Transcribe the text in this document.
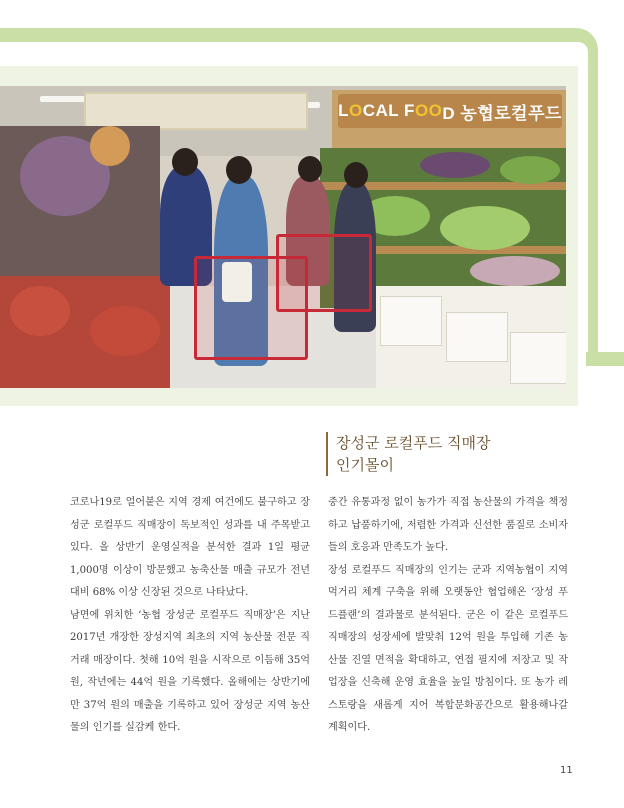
L O CAL F OO D 농협로컬푸드
장성군 로컬푸드 직매장
인기몰이

코로나19로 얼어붙은 지역 경제 여건에도 불구하고 장성군 로컬푸드 직매장이 독보적인 성과를 내 주목받고 있다. 올 상반기 운영실적을 분석한 결과 1일 평균 1,000명 이상이 방문했고 농축산물 매출 규모가 전년대비 68% 이상 신장된 것으로 나타났다.

남면에 위치한 ‘농협 장성군 로컬푸드 직매장’은 지난 2017년 개장한 장성지역 최초의 지역 농산물 전문 직거래 매장이다. 첫해 10억 원을 시작으로 이듬해 35억 원, 작년에는 44억 원을 기록했다. 올해에는 상반기에만 37억 원의 매출을 기록하고 있어 장성군 지역 농산물의 인기를 실감케 한다.

중간 유통과정 없이 농가가 직접 농산물의 가격을 책정하고 납품하기에, 저렴한 가격과 신선한 품질로 소비자들의 호응과 만족도가 높다.

장성 로컬푸드 직매장의 인기는 군과 지역농협이 지역먹거리 체계 구축을 위해 오랫동안 협업해온 ‘장성 푸드플랜’의 결과물로 분석된다. 군은 이 같은 로컬푸드 직매장의 성장세에 발맞춰 12억 원을 투입해 기존 농산물 진열 면적을 확대하고, 연접 필지에 저장고 및 작업장을 신축해 운영 효율을 높일 방침이다. 또 농가 레스토랑을 새롭게 지어 복합문화공간으로 활용해나갈 계획이다.

11
